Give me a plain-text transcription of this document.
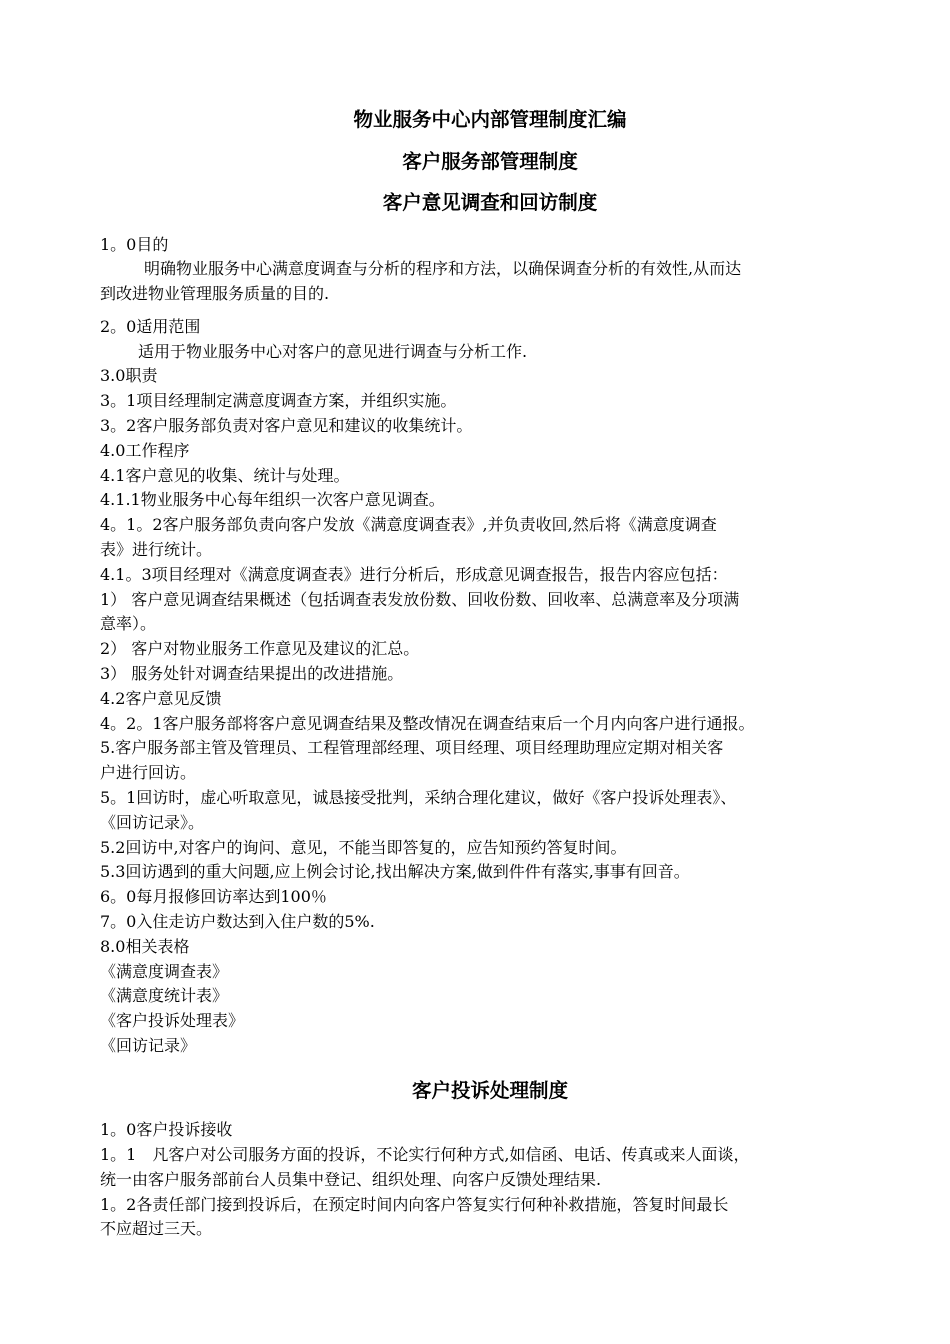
物业服务中心内部管理制度汇编

客户服务部管理制度

客户意见调查和回访制度

1。0目的

明确物业服务中心满意度调查与分析的程序和方法，以确保调查分析的有效性,从而达

到改进物业管理服务质量的目的.

2。0适用范围

适用于物业服务中心对客户的意见进行调查与分析工作.

3.0职责

3。1项目经理制定满意度调查方案，并组织实施。

3。2客户服务部负责对客户意见和建议的收集统计。

4.0工作程序

4.1客户意见的收集、统计与处理。

4.1.1物业服务中心每年组织一次客户意见调查。

4。1。2客户服务部负责向客户发放《满意度调查表》,并负责收回,然后将《满意度调查

表》进行统计。

4.1。3项目经理对《满意度调查表》进行分析后，形成意见调查报告，报告内容应包括：

1） 客户意见调查结果概述（包括调查表发放份数、回收份数、回收率、总满意率及分项满

意率）。

2） 客户对物业服务工作意见及建议的汇总。

3） 服务处针对调查结果提出的改进措施。

4.2客户意见反馈

4。2。1客户服务部将客户意见调查结果及整改情况在调查结束后一个月内向客户进行通报。

5.客户服务部主管及管理员、工程管理部经理、项目经理、项目经理助理应定期对相关客

户进行回访。

5。1回访时，虚心听取意见，诚恳接受批判，采纳合理化建议，做好《客户投诉处理表》、

《回访记录》。

5.2回访中,对客户的询问、意见，不能当即答复的，应告知预约答复时间。

5.3回访遇到的重大问题,应上例会讨论,找出解决方案,做到件件有落实,事事有回音。

6。0每月报修回访率达到100％

7。0入住走访户数达到入住户数的5%.

8.0相关表格

《满意度调查表》

《满意度统计表》

《客户投诉处理表》

《回访记录》

客户投诉处理制度

1。0客户投诉接收

1。1　凡客户对公司服务方面的投诉，不论实行何种方式,如信函、电话、传真或来人面谈，

统一由客户服务部前台人员集中登记、组织处理、向客户反馈处理结果.

1。2各责任部门接到投诉后，在预定时间内向客户答复实行何种补救措施，答复时间最长

不应超过三天。
